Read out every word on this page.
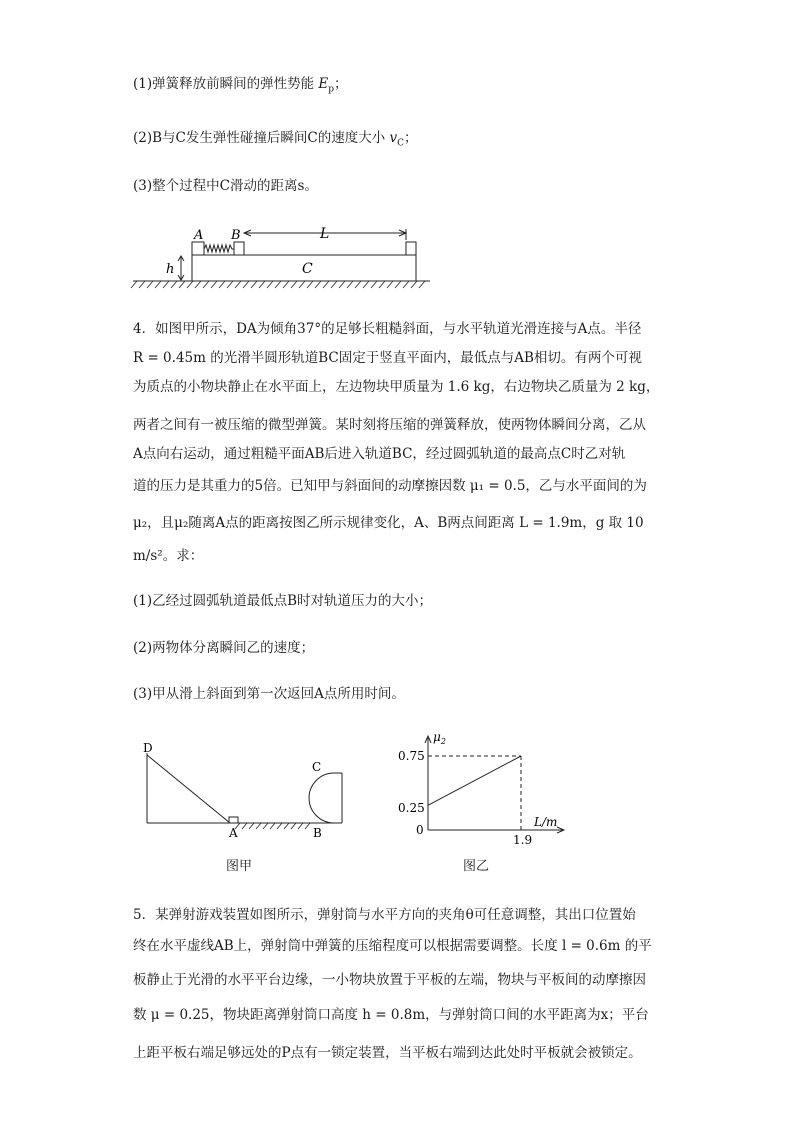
(1)弹簧释放前瞬间的弹性势能 $E_p$；
(2)B与C发生弹性碰撞后瞬间C的速度大小 $v_C$；
(3)整个过程中C滑动的距离s。
A B	L
C
h
4．如图甲所示，DA为倾角37°的足够长粗糙斜面，与水平轨道光滑连接与A点。半径
R = 0.45m 的光滑半圆形轨道BC固定于竖直平面内，最低点与AB相切。有两个可视
为质点的小物块静止在水平面上，左边物块甲质量为 1.6 kg，右边物块乙质量为 2 kg，
两者之间有一被压缩的微型弹簧。某时刻将压缩的弹簧释放，使两物体瞬间分离，乙从
A点向右运动，通过粗糙平面AB后进入轨道BC，经过圆弧轨道的最高点C时乙对轨
道的压力是其重力的5倍。已知甲与斜面间的动摩擦因数 μ₁ = 0.5，乙与水平面间的为
μ₂，且μ₂随离A点的距离按图乙所示规律变化，A、B两点间距离 L = 1.9m，g 取 10
m/s²。求：
(1)乙经过圆弧轨道最低点B时对轨道压力的大小；
(2)两物体分离瞬间乙的速度；
(3)甲从滑上斜面到第一次返回A点所用时间。
D
C
A	B
图甲
0.75
0.25
0
1.9
$\mu_2$
L/m
图乙
5．某弹射游戏装置如图所示，弹射筒与水平方向的夹角θ可任意调整，其出口位置始
终在水平虚线AB上，弹射筒中弹簧的压缩程度可以根据需要调整。长度 l = 0.6m 的平
板静止于光滑的水平平台边缘，一小物块放置于平板的左端，物块与平板间的动摩擦因
数 μ = 0.25，物块距离弹射筒口高度 h = 0.8m，与弹射筒口间的水平距离为x；平台
上距平板右端足够远处的P点有一锁定装置，当平板右端到达此处时平板就会被锁定。
